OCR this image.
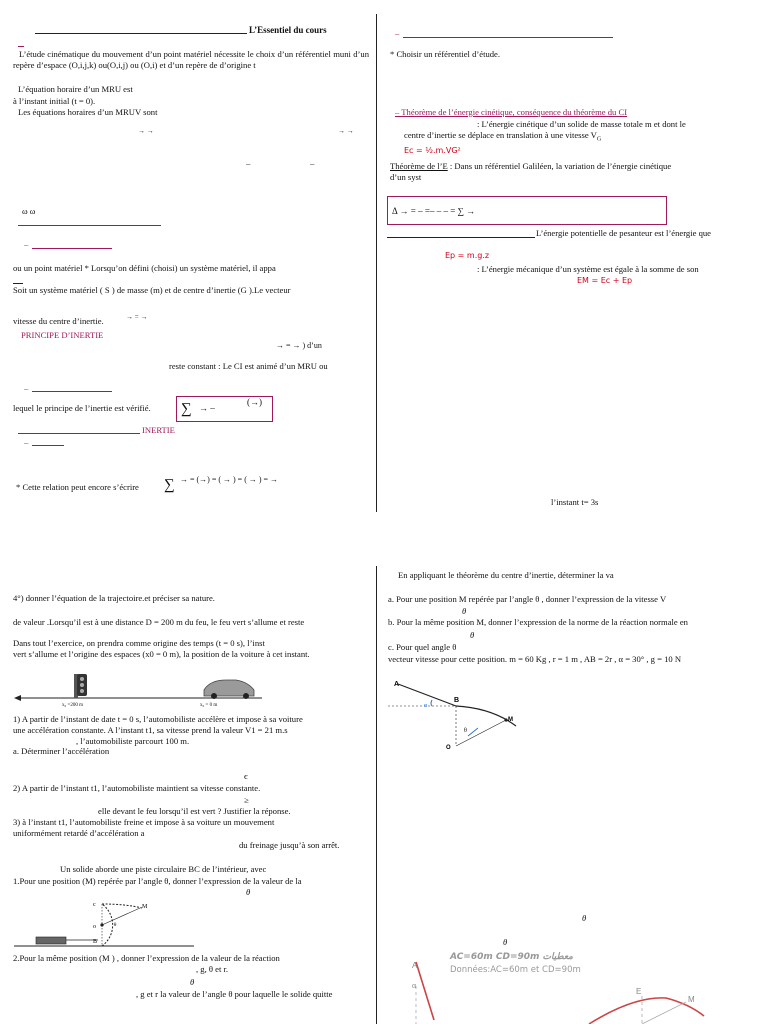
L’Essentiel du cours
L’étude cinématique du mouvement d’un point matériel nécessite le choix d’un référentiel muni d’un repère d’espace (O,i,j,k) ou(O,i,j) ou (O,i) et d’un repère de d’origine t
L’équation horaire d’un MRU est
à l’instant initial (t = 0).
Les équations horaires d’un MRUV sont
→ →	→ →
–	–
ω ω
–
ou un point matériel * Lorsqu’on défini (choisi) un système matériel, il appa
Soit un système matériel ( S ) de masse (m) et de centre d’inertie (G ).Le vecteur
vitesse du centre d’inertie.	→ = →
PRINCIPE D’INERTIE
→ = → ) d’un
reste constant : Le CI est animé d’un MRU ou
–
lequel le principe de l’inertie est vérifié. ∑ → –
(→)
INERTIE
–
* Cette relation peut encore s’écrire ∑ → = (→) = ( → ) = ( → ) = →
–
* Choisir un référentiel d’étude.
– Théorème de l’énergie cinétique, conséquence du théorème du CI
: L’énergie cinétique d’un solide de masse totale m et dont le
centre d’inertie se déplace en translation à une vitesse $V_G$
Ec = ½.m.VG²
Théorème de l’E : Dans un référentiel Galiléen, la variation de l’énergie cinétique
d’un syst
Δ → = – =– – – = ∑ →
L’énergie potentielle de pesanteur est l’énergie que
Ep = m.g.z
: L’énergie mécanique d’un système est égale à la somme de son
EM = Ec + Ep
l’instant t= 3s
4°) donner l’équation de la trajectoire.et préciser sa nature.
de valeur .Lorsqu’il est à une distance D = 200 m du feu, le feu vert s’allume et reste
Dans tout l’exercice, on prendra comme origine des temps (t = 0 s), l’inst
vert s’allume et l’origine des espaces (x0 = 0 m), la position de la voiture à cet instant.
x₀ =200 m	x₀ = 0 m
1) A partir de l’instant de date t = 0 s, l’automobiliste accélère et impose à sa voiture
une accélération constante. A l’instant t1, sa vitesse prend la valeur V1 = 21 m.s
, l’automobiliste parcourt 100 m.
a. Déterminer l’accélération
є
2) A partir de l’instant t1, l’automobiliste maintient sa vitesse constante.
≥
elle devant le feu lorsqu’il est vert ? Justifier la réponse.
3) à l’instant t1, l’automobiliste freine et impose à sa voiture un mouvement
uniformément retardé d’accélération a
du freinage jusqu’à son arrêt.
Un solide aborde une piste circulaire BC de l’intérieur, avec
1.Pour une position (M) repérée par l’angle θ, donner l’expression de la valeur de la
θ
c
o
B
M
θ
2.Pour la même position (M ) , donner l’expression de la valeur de la réaction
, g, θ et r.
θ
, g et r la valeur de l’angle θ pour laquelle le solide quitte
En appliquant le théorème du centre d’inertie, déterminer la va
a. Pour une position M repérée par l’angle θ , donner l’expression de la vitesse V
θ
b. Pour la même position M, donner l’expression de la norme de la réaction normale en
θ
c. Pour quel angle θ
vecteur vitesse pour cette position. m = 60 Kg , r = 1 m , AB = 2r , α = 30° , g = 10 N
A
B
M
O
α
θ
θ
θ
AC=60m CD=90m معطيات
Données:AC=60m et CD=90m
A
α
E
M
